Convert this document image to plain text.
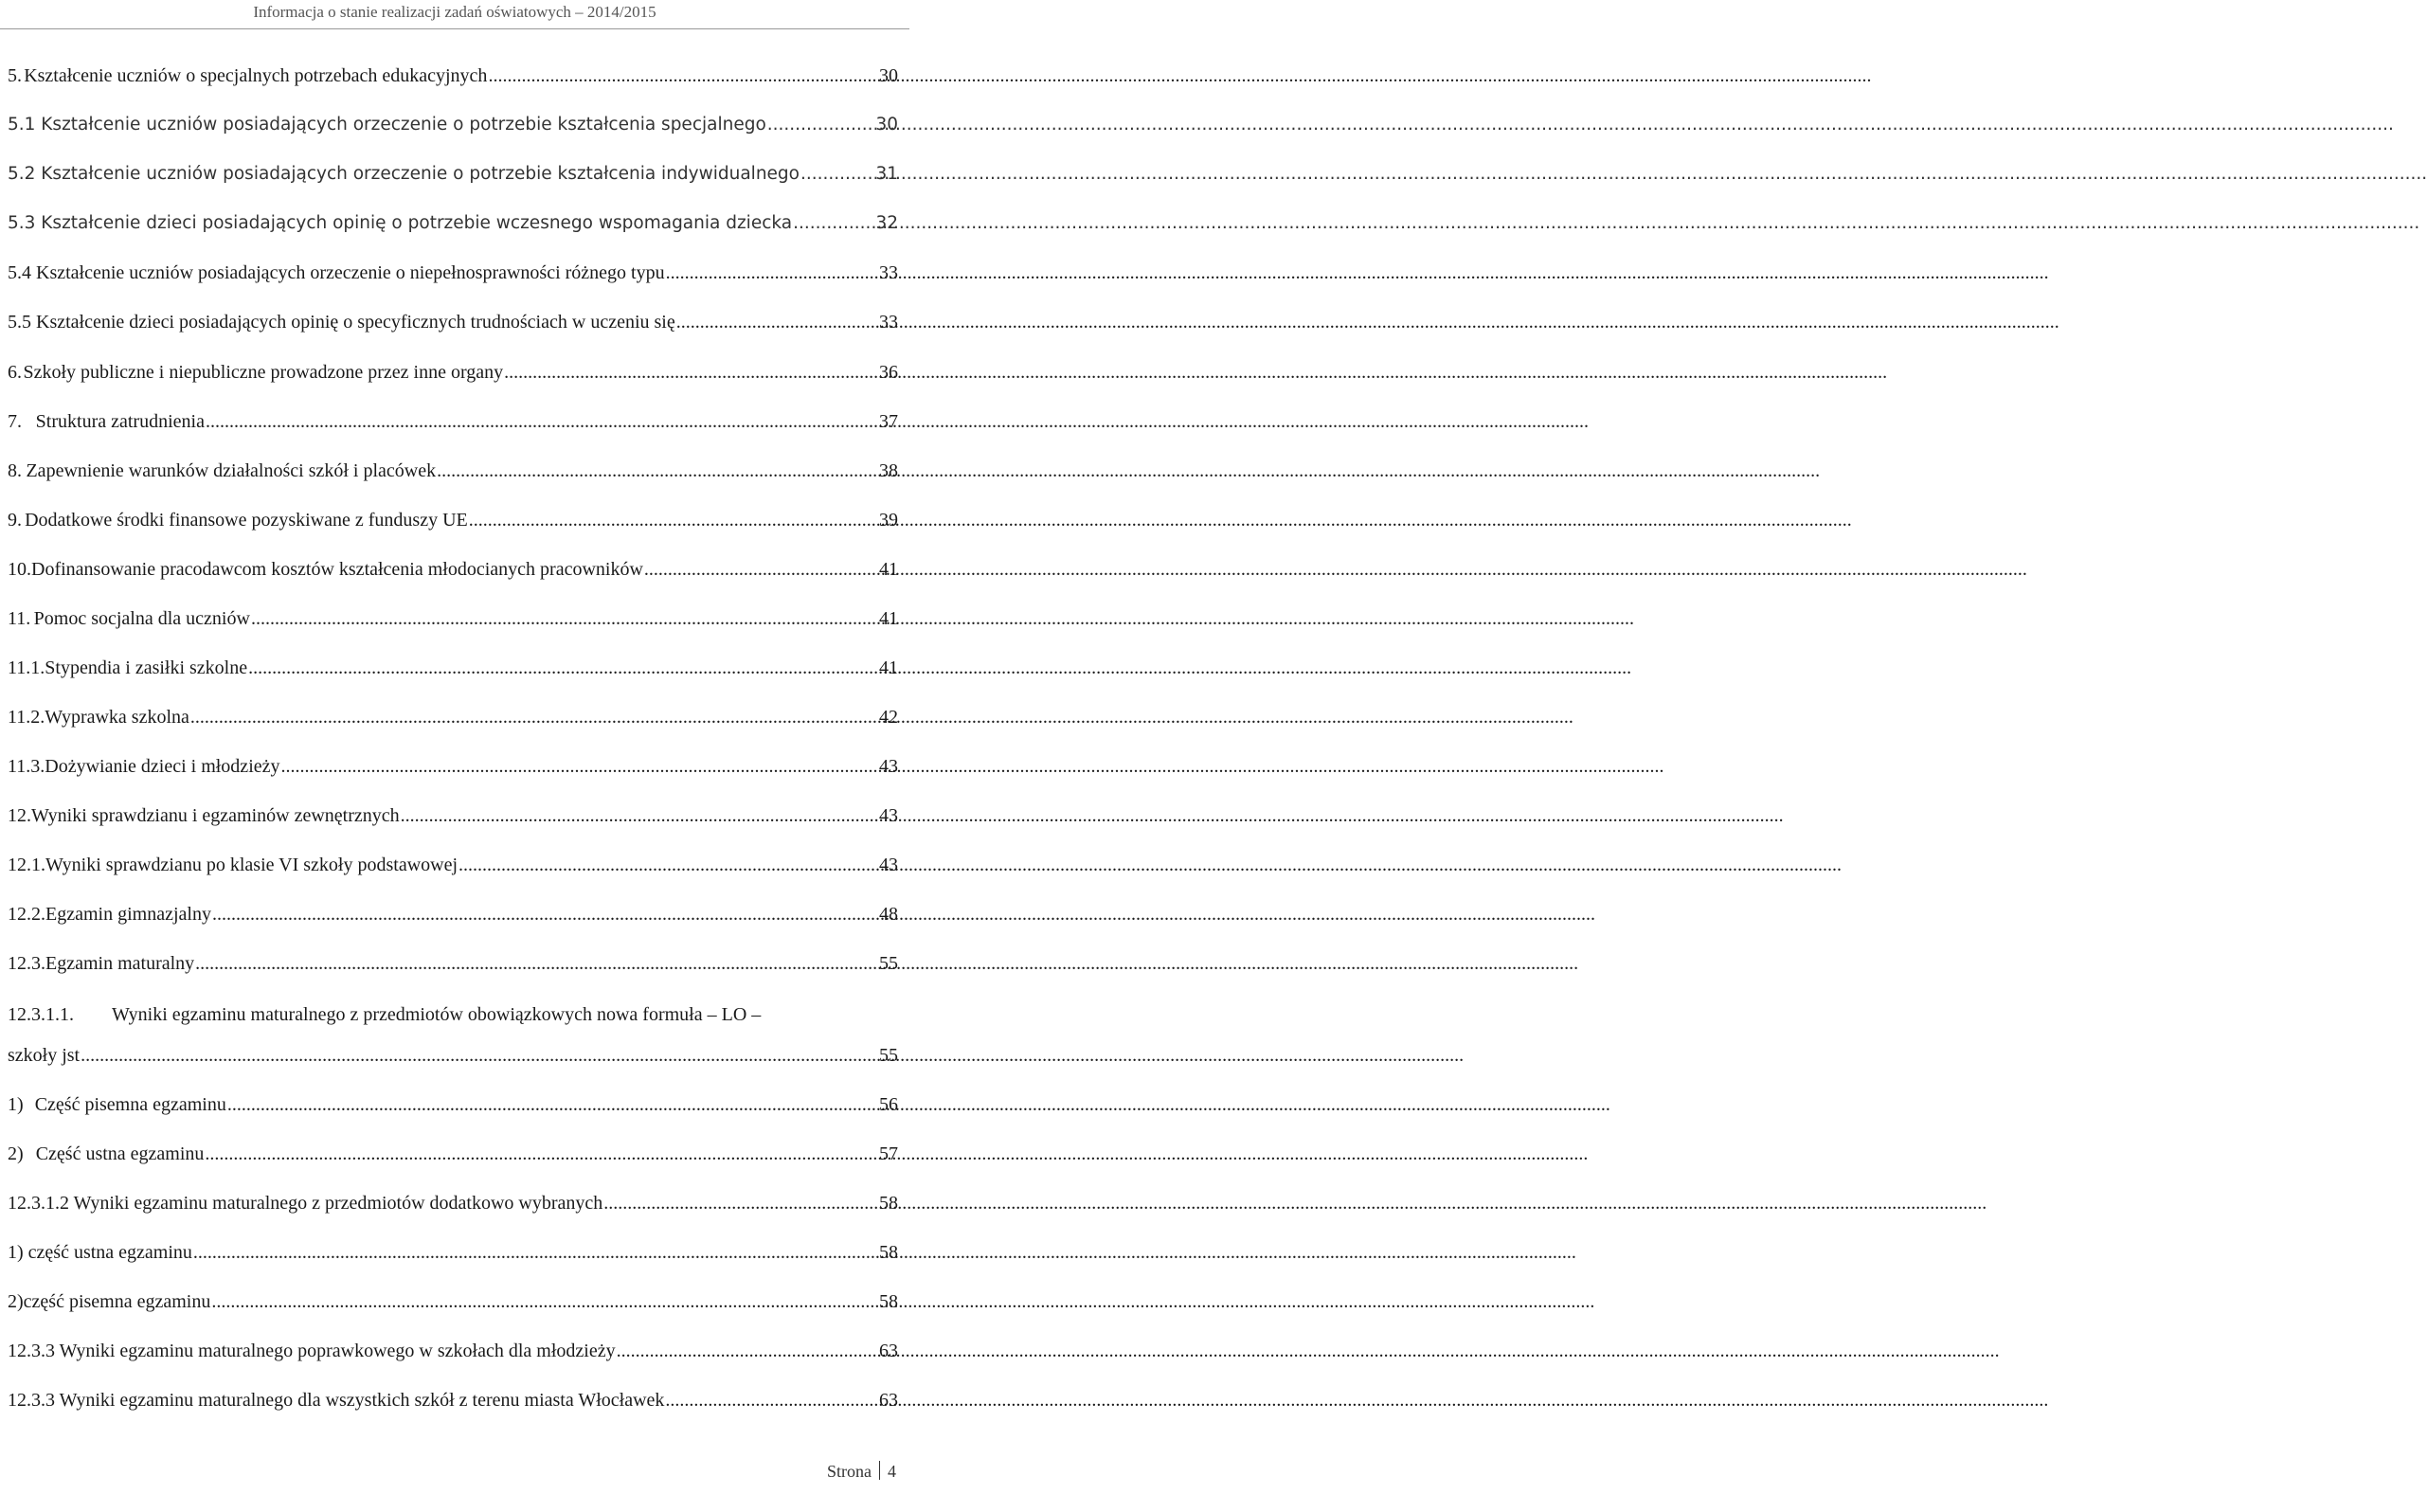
Informacja o stanie realizacji zadań oświatowych – 2014/2015
5. Kształcenie uczniów o specjalnych potrzebach edukacyjnych .....	30
5.1 Kształcenie uczniów posiadających orzeczenie o potrzebie kształcenia specjalnego .....	30
5.2 Kształcenie uczniów posiadających orzeczenie o potrzebie kształcenia indywidualnego .....	31
5.3 Kształcenie dzieci posiadających opinię o potrzebie wczesnego wspomagania dziecka .....	32
5.4 Kształcenie uczniów posiadających orzeczenie o niepełnosprawności różnego typu .....	33
5.5 Kształcenie dzieci posiadających opinię o specyficznych trudnościach w uczeniu się .....	33
6. Szkoły publiczne i niepubliczne prowadzone przez inne organy .....	36
7. Struktura zatrudnienia .....	37
8. Zapewnienie warunków działalności szkół i placówek .....	38
9. Dodatkowe środki finansowe pozyskiwane z funduszy UE .....	39
10. Dofinansowanie pracodawcom kosztów kształcenia młodocianych pracowników .....	41
11. Pomoc socjalna dla uczniów .....	41
11.1. Stypendia i zasiłki szkolne .....	41
11.2. Wyprawka szkolna .....	42
11.3. Dożywianie dzieci i młodzieży .....	43
12. Wyniki sprawdzianu i egzaminów zewnętrznych .....	43
12.1. Wyniki sprawdzianu po klasie VI szkoły podstawowej .....	43
12.2. Egzamin gimnazjalny .....	48
12.3. Egzamin maturalny .....	55
12.3.1.1.	Wyniki egzaminu maturalnego z przedmiotów obowiązkowych nowa formuła – LO –
szkoły jst .....	55
1) Część pisemna egzaminu .....	56
2) Część ustna egzaminu .....	57
12.3.1.2 Wyniki egzaminu maturalnego z przedmiotów dodatkowo wybranych .....	58
1) część ustna egzaminu .....	58
2)część pisemna egzaminu .....	58
12.3.3 Wyniki egzaminu maturalnego poprawkowego w szkołach dla młodzieży .....	63
12.3.3 Wyniki egzaminu maturalnego dla wszystkich szkół z terenu miasta Włocławek .....	63
Strona 4
